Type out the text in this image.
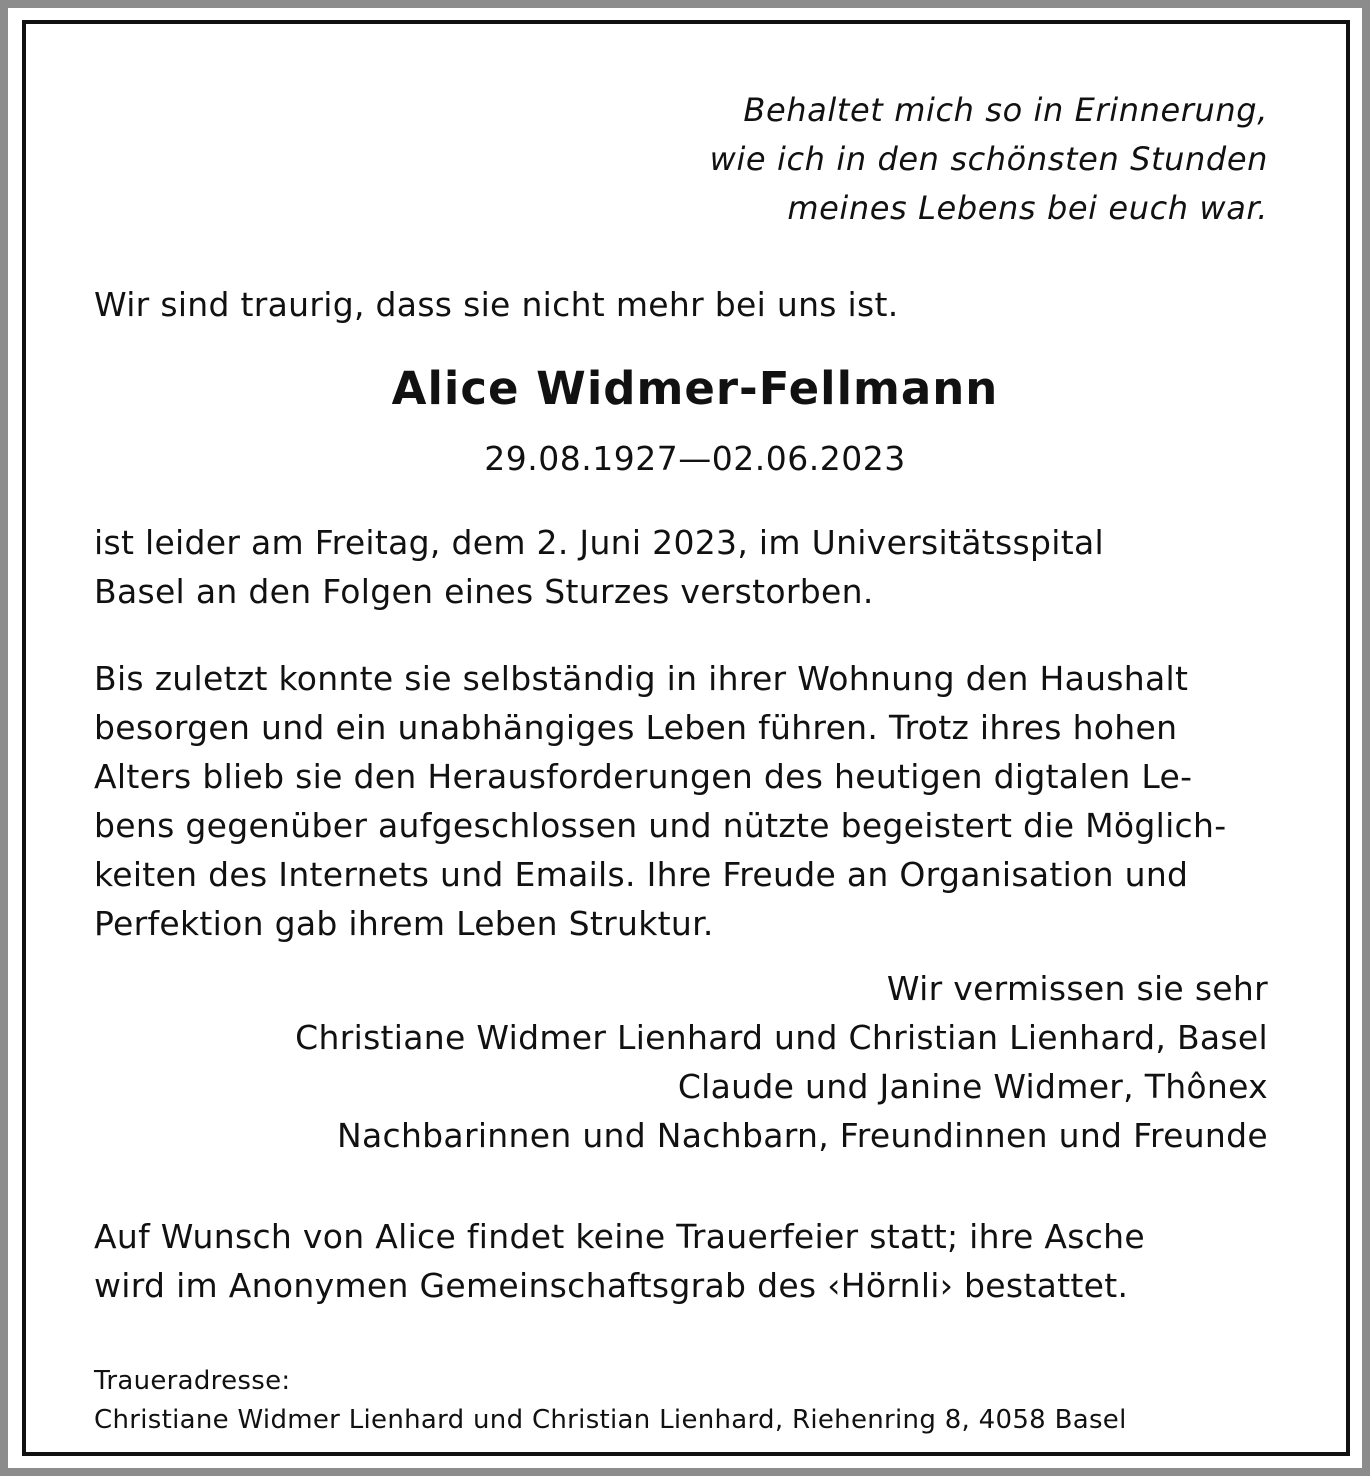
Behaltet mich so in Erinnerung,
wie ich in den schönsten Stunden
meines Lebens bei euch war.

Wir sind traurig, dass sie nicht mehr bei uns ist.

Alice Widmer-Fellmann

29.08.1927—02.06.2023

ist leider am Freitag, dem 2. Juni 2023, im Universitätsspital
Basel an den Folgen eines Sturzes verstorben.
Bis zuletzt konnte sie selbständig in ihrer Wohnung den Haushalt
besorgen und ein unabhängiges Leben führen. Trotz ihres hohen
Alters blieb sie den Herausforderungen des heutigen digtalen Le-
bens gegenüber aufgeschlossen und nützte begeistert die Möglich-
keiten des Internets und Emails. Ihre Freude an Organisation und
Perfektion gab ihrem Leben Struktur.
Wir vermissen sie sehr
Christiane Widmer Lienhard und Christian Lienhard, Basel
Claude und Janine Widmer, Thônex
Nachbarinnen und Nachbarn, Freundinnen und Freunde
Auf Wunsch von Alice findet keine Trauerfeier statt; ihre Asche
wird im Anonymen Gemeinschaftsgrab des ‹Hörnli› bestattet.
Traueradresse:
Christiane Widmer Lienhard und Christian Lienhard, Riehenring 8, 4058 Basel
